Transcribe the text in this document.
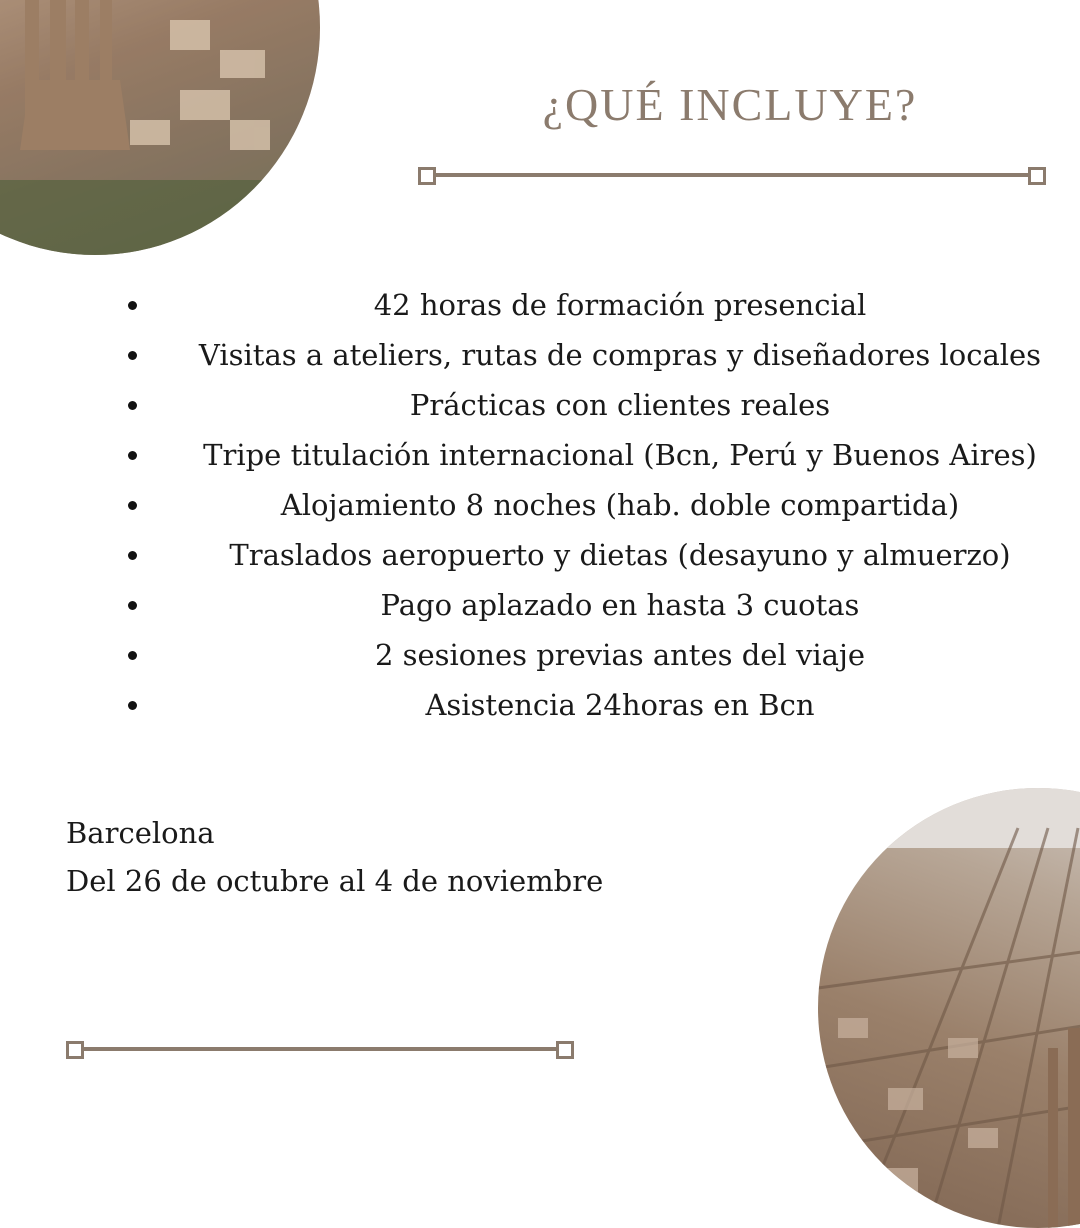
¿QUÉ INCLUYE?
42 horas de formación presencial
Visitas a ateliers, rutas de compras y diseñadores locales
Prácticas con clientes reales
Tripe titulación internacional (Bcn, Perú y Buenos Aires)
Alojamiento 8 noches (hab. doble compartida)
Traslados aeropuerto y dietas (desayuno y almuerzo)
Pago aplazado en hasta 3 cuotas
2 sesiones previas antes del viaje
Asistencia 24horas en Bcn

Barcelona

Del 26 de octubre al 4 de noviembre
